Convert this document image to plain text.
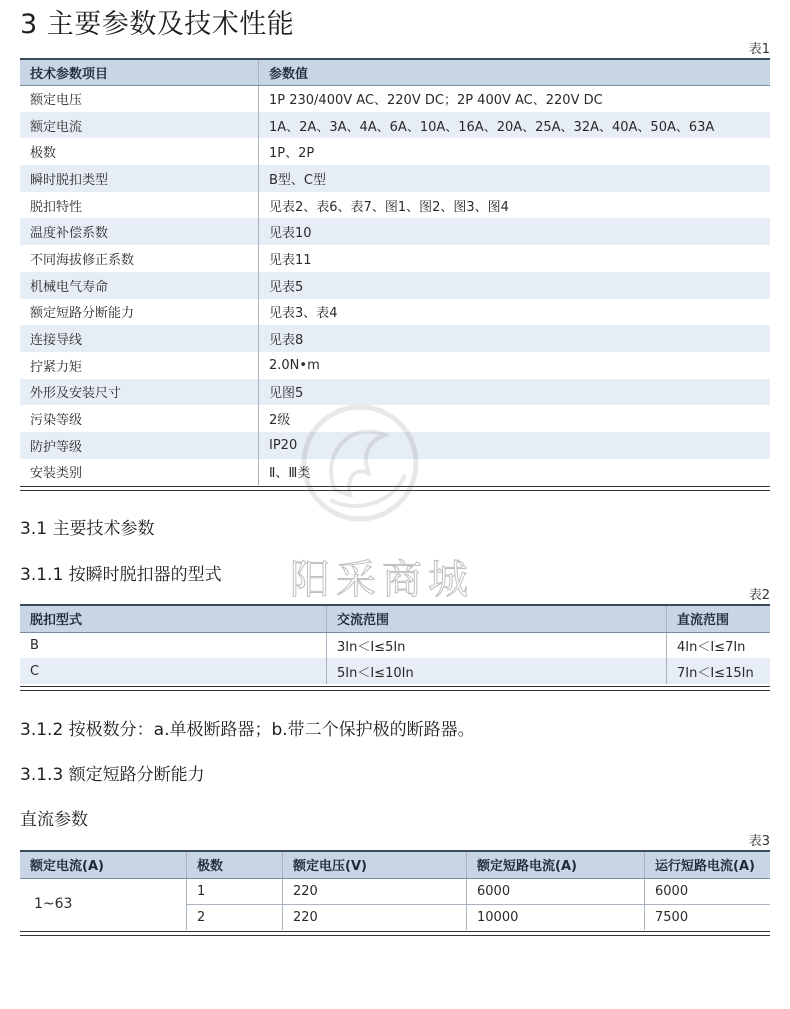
3 主要参数及技术性能
表1
技术参数项目	参数值
额定电压	1P 230/400V AC、220V DC；2P 400V AC、220V DC
额定电流	1A、2A、3A、4A、6A、10A、16A、20A、25A、32A、40A、50A、63A
极数	1P、2P
瞬时脱扣类型	B型、C型
脱扣特性	见表2、表6、表7、图1、图2、图3、图4
温度补偿系数	见表10
不同海拔修正系数	见表11
机械电气寿命	见表5
额定短路分断能力	见表3、表4
连接导线	见表8
拧紧力矩	2.0N•m
外形及安装尺寸	见图5
污染等级	2级
防护等级	IP20
安装类别	Ⅱ、Ⅲ类
3.1 主要技术参数
3.1.1 按瞬时脱扣器的型式
表2
脱扣型式	交流范围	直流范围
B	3In＜I≤5In	4In＜I≤7In
C	5In＜I≤10In	7In＜I≤15In
3.1.2 按极数分：a.单极断路器；b.带二个保护极的断路器。
3.1.3 额定短路分断能力
直流参数
表3
额定电流(A)	极数	额定电压(V)	额定短路电流(A)	运行短路电流(A)
1~63	1	220	6000	6000
	2	220	10000	7500
阳采商城
